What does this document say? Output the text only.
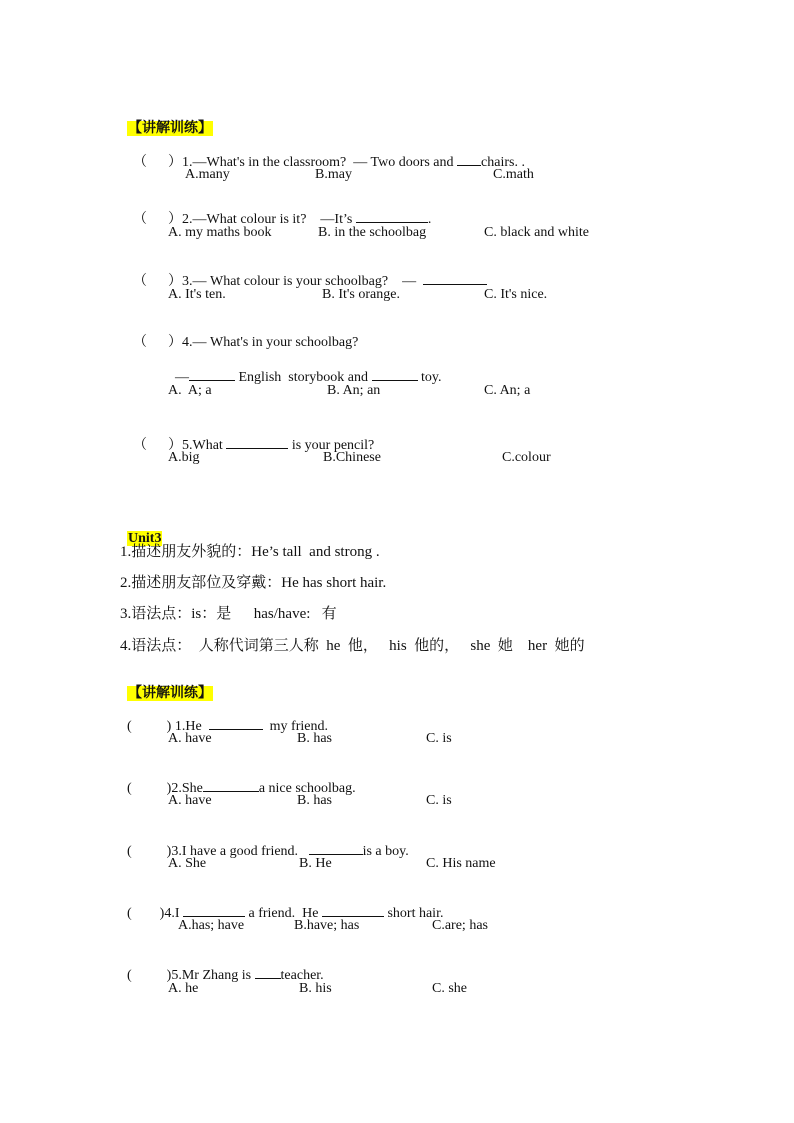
【讲解训练】

（      ）1.—What's in the classroom?  — Two doors and chairs. .

A.many	B.may	C.math

（      ）2.—What colour is it?    —It’s	.

A. my maths book	B. in the schoolbag	C. black and white

（      ）3.— What colour is your schoolbag?    —

A. It's ten.	B. It's orange.	C. It's nice.

（      ）4.— What's in your schoolbag?

—	English  storybook and	toy.

A.  A; a	B. An; an	C. An; a

（      ）5.What	is your pencil?

A.big	B.Chinese	C.colour

Unit3

1.描述朋友外貌的：He’s tall  and strong .
2.描述朋友部位及穿戴：He has short hair.
3.语法点：is：是      has/have:   有
4.语法点：  人称代词第三人称  he  他，   his  他的，   she  她    her  她的

【讲解训练】

(          ) 1.He	my friend.

A. have	B. has	C. is

(          )2.She	a nice schoolbag.

A. have	B. has	C. is

(          )3.I have a good friend.	is a boy.

A. She	B. He	C. His name

(        )4.I	a friend.  He	short hair.

A.has; have	B.have; has	C.are; has

(          )5.Mr Zhang is teacher.

A. he	B. his	C. she
